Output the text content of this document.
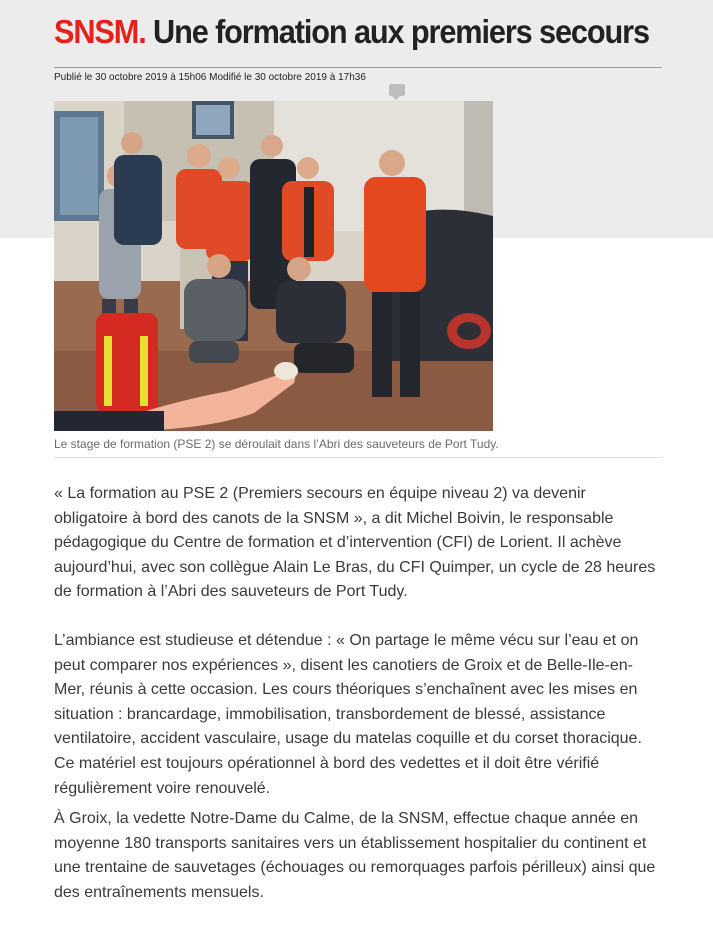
SNSM. Une formation aux premiers secours
Publié le 30 octobre 2019 à 15h06 Modifié le 30 octobre 2019 à 17h36
Le stage de formation (PSE 2) se déroulait dans l’Abri des sauveteurs de Port Tudy.

« La formation au PSE 2 (Premiers secours en équipe niveau 2) va devenir obligatoire à bord des canots de la SNSM », a dit Michel Boivin, le responsable pédagogique du Centre de formation et d’intervention (CFI) de Lorient. Il achève aujourd’hui, avec son collègue Alain Le Bras, du CFI Quimper, un cycle de 28 heures de formation à l’Abri des sauveteurs de Port Tudy.

L’ambiance est studieuse et détendue : « On partage le même vécu sur l’eau et on peut comparer nos expériences », disent les canotiers de Groix et de Belle-Ile-en-Mer, réunis à cette occasion. Les cours théoriques s’enchaînent avec les mises en situation : brancardage, immobilisation, transbordement de blessé, assistance ventilatoire, accident vasculaire, usage du matelas coquille et du corset thoracique. Ce matériel est toujours opérationnel à bord des vedettes et il doit être vérifié régulièrement voire renouvelé.

À Groix, la vedette Notre-Dame du Calme, de la SNSM, effectue chaque année en moyenne 180 transports sanitaires vers un établissement hospitalier du continent et une trentaine de sauvetages (échouages ou remorquages parfois périlleux) ainsi que des entraînements mensuels.
